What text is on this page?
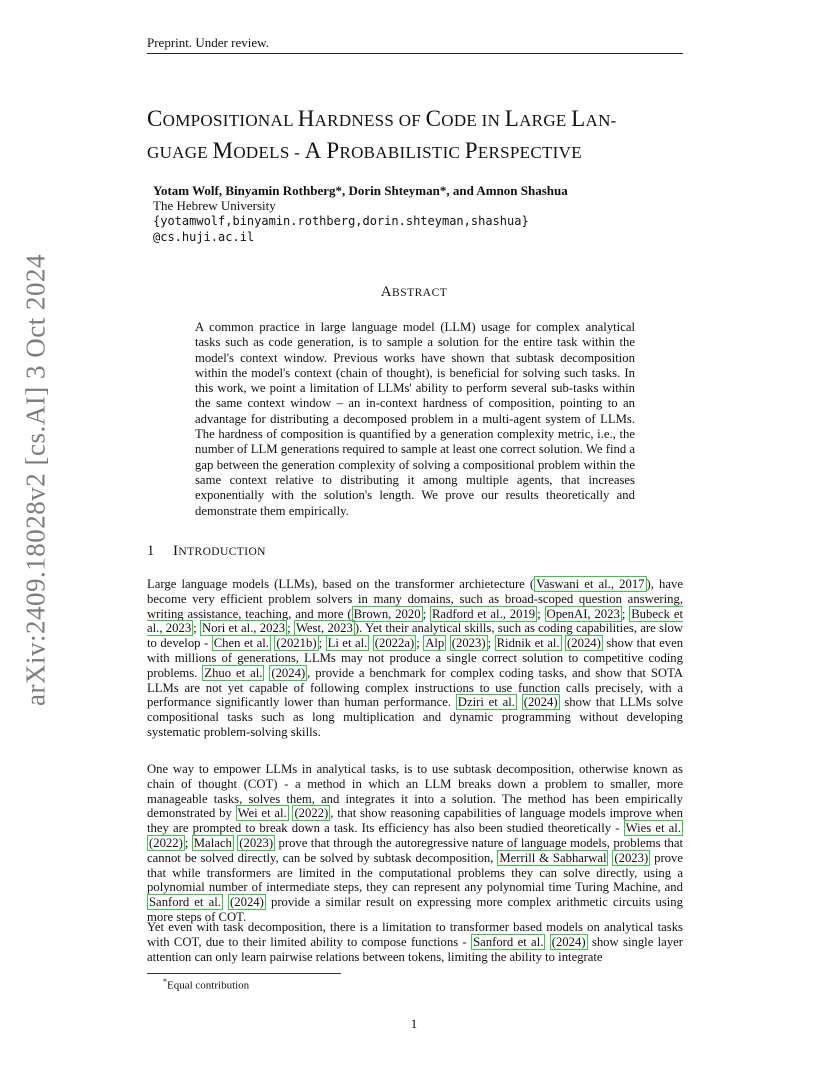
Preprint. Under review.
arXiv:2409.18028v2 [cs.AI] 3 Oct 2024
COMPOSITIONAL HARDNESS OF CODE IN LARGE LAN-
GUAGE MODELS - A PROBABILISTIC PERSPECTIVE
Yotam Wolf, Binyamin Rothberg*, Dorin Shteyman*, and Amnon Shashua
The Hebrew University
{yotamwolf,binyamin.rothberg,dorin.shteyman,shashua}
@cs.huji.ac.il
ABSTRACT
A common practice in large language model (LLM) usage for complex analytical tasks such as code generation, is to sample a solution for the entire task within the model's context window. Previous works have shown that subtask decomposition within the model's context (chain of thought), is beneficial for solving such tasks. In this work, we point a limitation of LLMs' ability to perform several sub-tasks within the same context window – an in-context hardness of composition, pointing to an advantage for distributing a decomposed problem in a multi-agent system of LLMs. The hardness of composition is quantified by a generation complexity metric, i.e., the number of LLM generations required to sample at least one correct solution. We find a gap between the generation complexity of solving a compositional problem within the same context relative to distributing it among multiple agents, that increases exponentially with the solution's length. We prove our results theoretically and demonstrate them empirically.
1 INTRODUCTION
Large language models (LLMs), based on the transformer archietecture ( Vaswani et al., 2017 ), have become very efficient problem solvers in many domains, such as broad-scoped question answering, writing assistance, teaching, and more ( Brown, 2020 ; Radford et al., 2019 ; OpenAI, 2023 ; Bubeck et al., 2023 ; Nori et al., 2023 ; West, 2023 ). Yet their analytical skills, such as coding capabilities, are slow to develop - Chen et al. (2021b) ; Li et al. (2022a) ; Alp (2023) ; Ridnik et al. (2024) show that even with millions of generations, LLMs may not produce a single correct solution to competitive coding problems. Zhuo et al. (2024) , provide a benchmark for complex coding tasks, and show that SOTA LLMs are not yet capable of following complex instructions to use function calls precisely, with a performance significantly lower than human performance. Dziri et al. (2024) show that LLMs solve compositional tasks such as long multiplication and dynamic programming without developing systematic problem-solving skills.
One way to empower LLMs in analytical tasks, is to use subtask decomposition, otherwise known as chain of thought (COT) - a method in which an LLM breaks down a problem to smaller, more manageable tasks, solves them, and integrates it into a solution. The method has been empirically demonstrated by Wei et al. (2022) , that show reasoning capabilities of language models improve when they are prompted to break down a task. Its efficiency has also been studied theoretically - Wies et al. (2022) ; Malach (2023) prove that through the autoregressive nature of language models, problems that cannot be solved directly, can be solved by subtask decomposition, Merrill & Sabharwal (2023) prove that while transformers are limited in the computational problems they can solve directly, using a polynomial number of intermediate steps, they can represent any polynomial time Turing Machine, and Sanford et al. (2024) provide a similar result on expressing more complex arithmetic circuits using more steps of COT.
Yet even with task decomposition, there is a limitation to transformer based models on analytical tasks with COT, due to their limited ability to compose functions - Sanford et al. (2024) show single layer attention can only learn pairwise relations between tokens, limiting the ability to integrate
*Equal contribution
1
